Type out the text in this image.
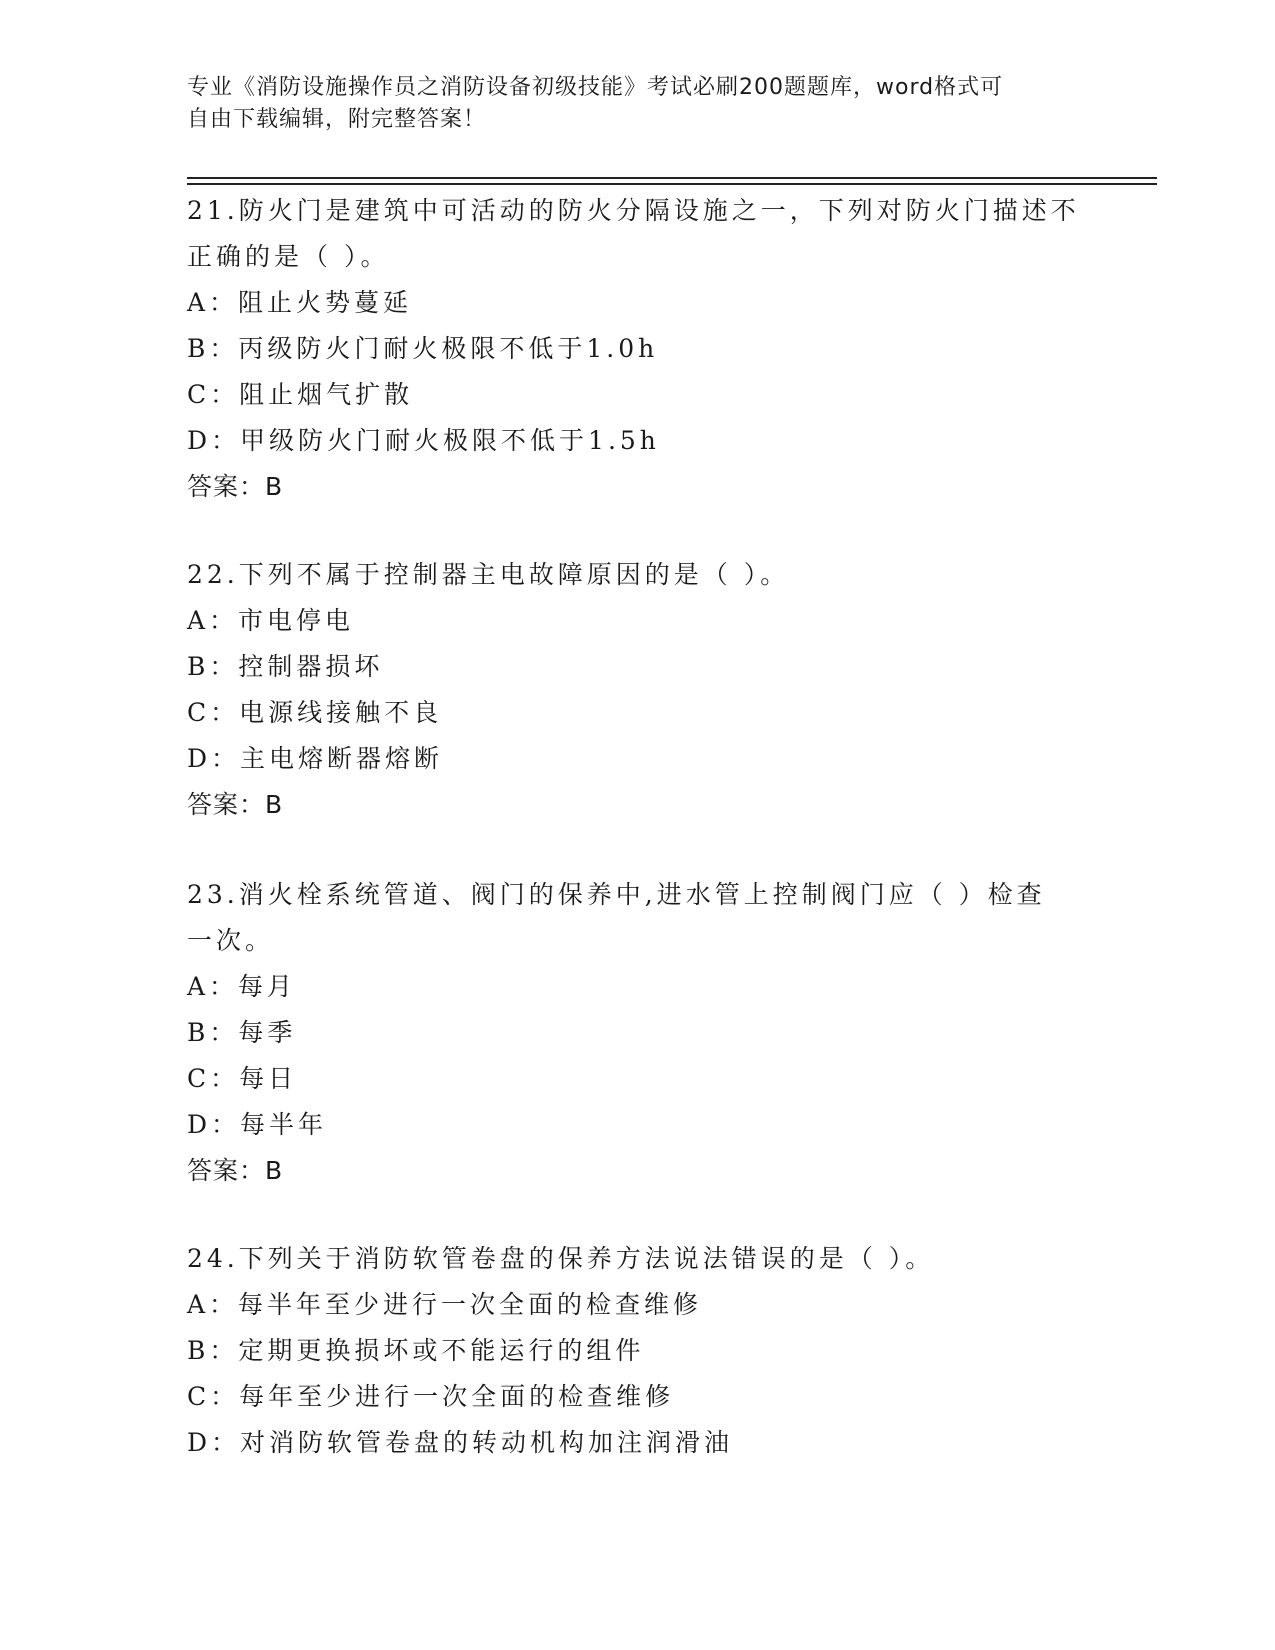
专业《消防设施操作员之消防设备初级技能》考试必刷200题题库，word格式可
自由下载编辑，附完整答案！

21.防火门是建筑中可活动的防火分隔设施之一，下列对防火门描述不

正确的是（ ）。

A：阻止火势蔓延

B：丙级防火门耐火极限不低于1.0h

C：阻止烟气扩散

D：甲级防火门耐火极限不低于1.5h

答案：B

22.下列不属于控制器主电故障原因的是（ ）。

A：市电停电

B：控制器损坏

C：电源线接触不良

D：主电熔断器熔断

答案：B

23.消火栓系统管道、阀门的保养中,进水管上控制阀门应（ ）检查

一次。

A：每月

B：每季

C：每日

D：每半年

答案：B

24.下列关于消防软管卷盘的保养方法说法错误的是（ ）。

A：每半年至少进行一次全面的检查维修

B：定期更换损坏或不能运行的组件

C：每年至少进行一次全面的检查维修

D：对消防软管卷盘的转动机构加注润滑油
